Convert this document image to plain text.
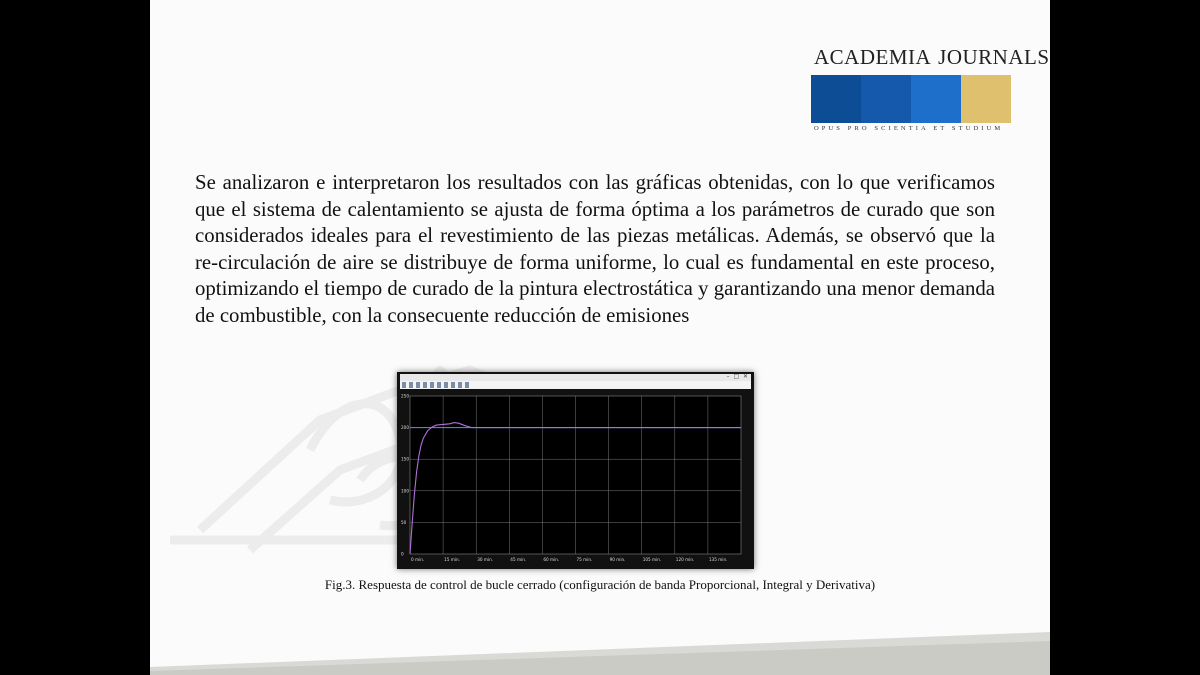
ACADEMIA JOURNALS
OPUS PRO SCIENTIA ET STUDIUM

Se analizaron e interpretaron los resultados con las gráficas obtenidas, con lo que verificamos que el sistema de calentamiento se ajusta de forma óptima a los parámetros de curado que son considerados ideales para el revestimiento de las piezas metálicas. Además, se observó que la re-circulación de aire se distribuye de forma uniforme, lo cual es fundamental en este proceso, optimizando el tiempo de curado de la pintura electrostática y garantizando una menor demanda de combustible, con la consecuente reducción de emisiones

–  □  ✕
0 min.	15 min.	30 min.	45 min.	60 min.	75 min.	90 min.	105 min.	120 min.	135 min.
0
50
100
150
200
250
Fig.3. Respuesta de control de bucle cerrado (configuración de banda Proporcional, Integral y Derivativa)
